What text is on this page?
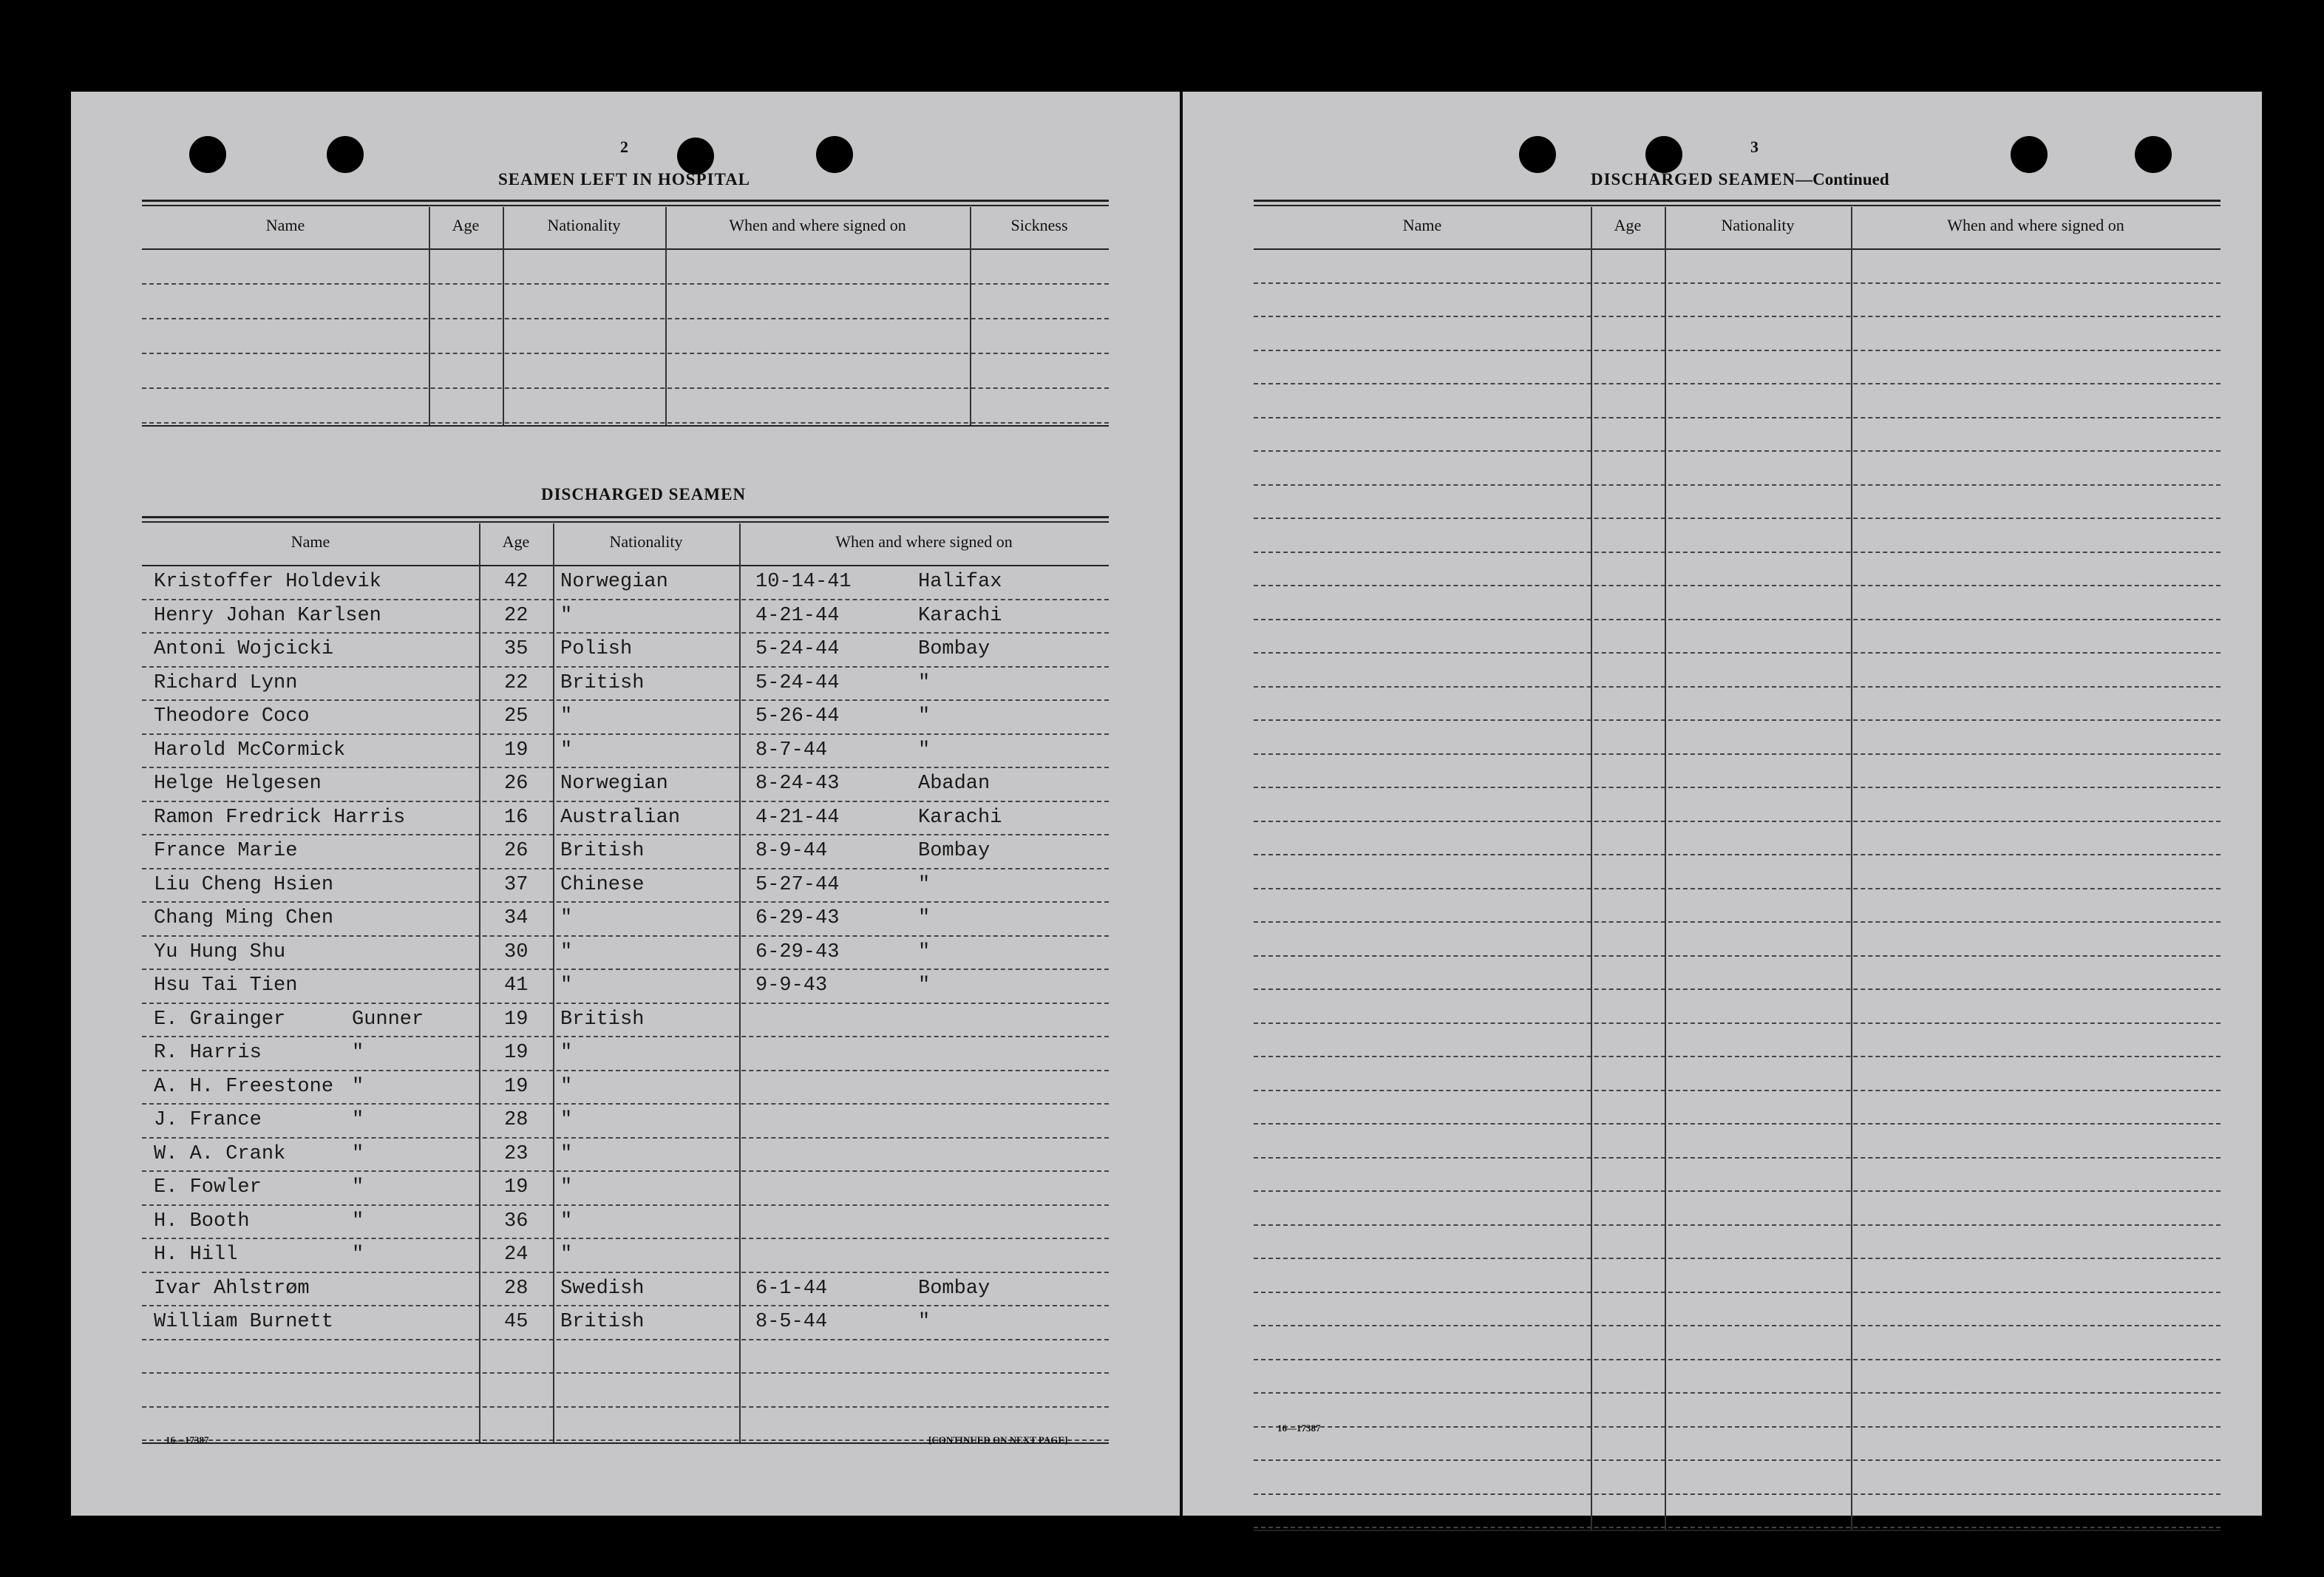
2
SEAMEN LEFT IN HOSPITAL
Name	Age	Nationality	When and where signed on	Sickness
DISCHARGED SEAMEN
Name	Age	Nationality	When and where signed on
Kristoffer Holdevik	42 Norwegian	10-14-41	Halifax
Henry Johan Karlsen	22 "	4-21-44	Karachi
Antoni Wojcicki	35 Polish	5-24-44	Bombay
Richard Lynn	22 British	5-24-44	"
Theodore Coco	25 "	5-26-44	"
Harold McCormick	19 "	8-7-44	"
Helge Helgesen	26 Norwegian	8-24-43	Abadan
Ramon Fredrick Harris	16 Australian	4-21-44	Karachi
France Marie	26 British	8-9-44	Bombay
Liu Cheng Hsien	37 Chinese	5-27-44	"
Chang Ming Chen	34 "	6-29-43	"
Yu Hung Shu	30 "	6-29-43	"
Hsu Tai Tien	41 "	9-9-43	"
E. Grainger	Gunner	19 British
R. Harris	"	19 "
A. H. Freestone "	19 "
J. France	"	28 "
W. A. Crank	"	23 "
E. Fowler	"	19 "
H. Booth	"	36 "
H. Hill	"	24 "
Ivar Ahlstrøm	28 Swedish	6-1-44	Bombay
William Burnett	45 British	8-5-44	"
16—17387	[CONTINUED ON NEXT PAGE]
3
DISCHARGED SEAMEN—Continued
Name	Age	Nationality	When and where signed on
16—17387
